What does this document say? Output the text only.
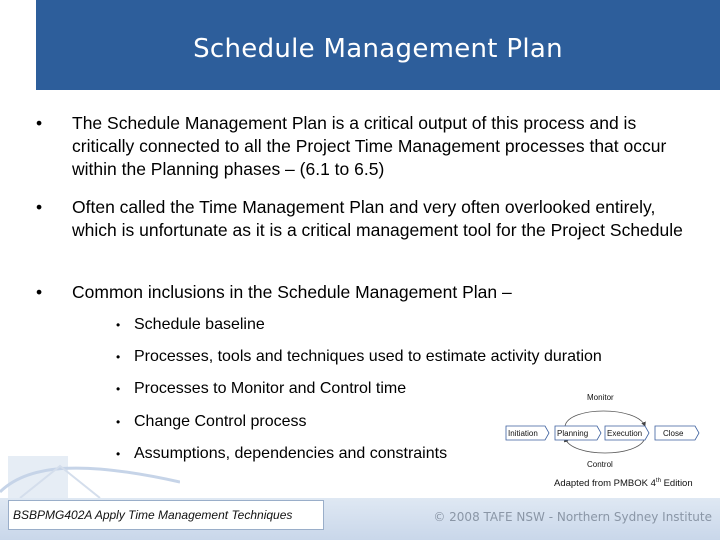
Schedule Management Plan
• The Schedule Management Plan is a critical output of this process and is critically connected to all the Project Time Management processes that occur within the Planning phases – (6.1 to 6.5)
• Often called the Time Management Plan and very often overlooked entirely, which is unfortunate as it is a critical management tool for the Project Schedule
• Common inclusions in the Schedule Management Plan –
• Schedule baseline
• Processes, tools and techniques used to estimate activity duration
• Processes to Monitor and Control time
• Change Control process
• Assumptions, dependencies and constraints
Monitor
Initiation Planning Execution	Close
Control
Adapted from PMBOK 4th Edition
BSBPMG402A Apply Time Management Techniques	© 2008 TAFE NSW - Northern Sydney Institute
